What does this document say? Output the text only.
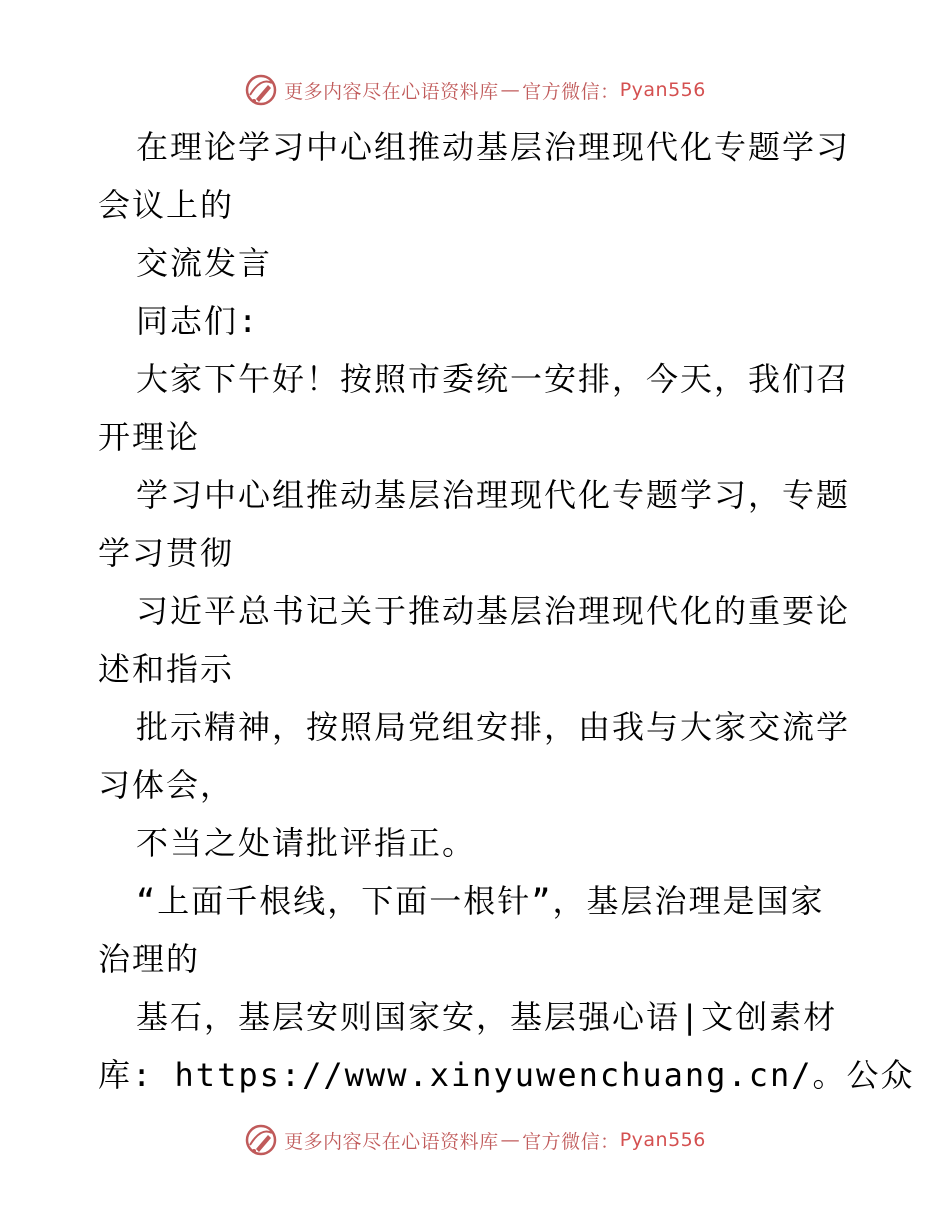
更多内容尽在心语资料库 — 官方微信： Pyan556
在理论学习中心组推动基层治理现代化专题学习
会议上的
交流发言
同志们:
大家下午好！按照市委统一安排，今天，我们召
开理论
学习中心组推动基层治理现代化专题学习，专题
学习贯彻
习近平总书记关于推动基层治理现代化的重要论
述和指示
批示精神，按照局党组安排，由我与大家交流学
习体会，
不当之处请批评指正。
“上面千根线，下面一根针”，基层治理是国家
治理的
基石，基层安则国家安，基层强心语|文创素材
库: https://www.xinyuwenchuang.cn/。公众
更多内容尽在心语资料库 — 官方微信： Pyan556
